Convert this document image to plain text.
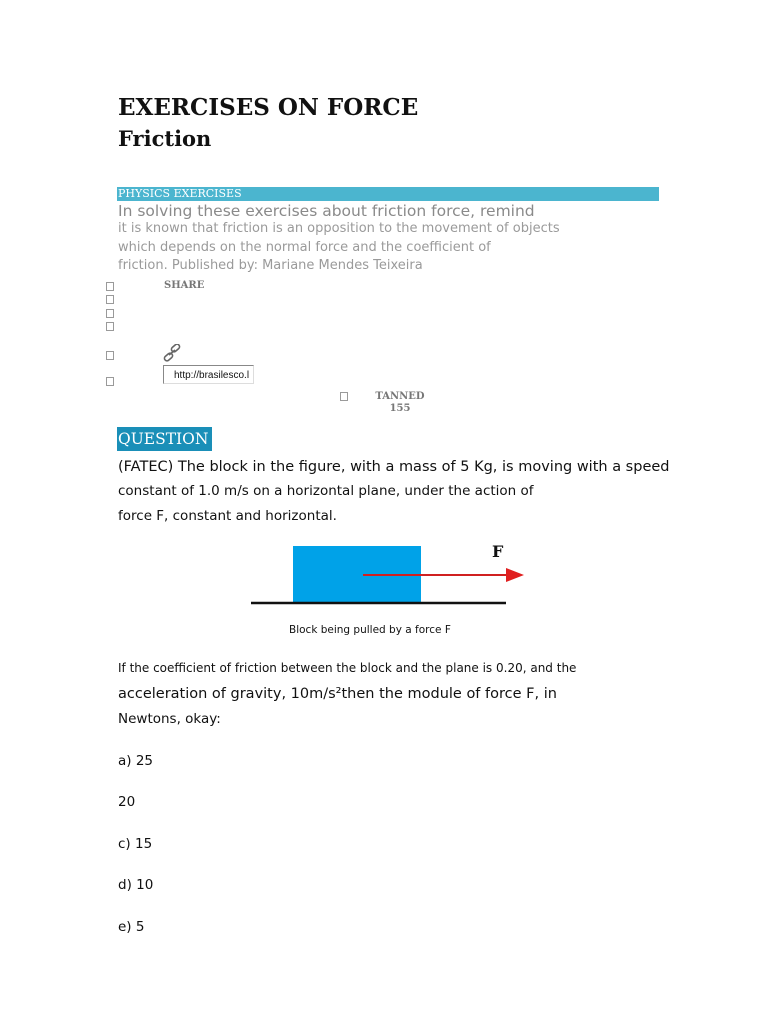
EXERCISES ON FORCE
Friction
PHYSICS EXERCISES
In solving these exercises about friction force, remind
it is known that friction is an opposition to the movement of objects
which depends on the normal force and the coefficient of
friction. Published by: Mariane Mendes Teixeira
SHARE
http://brasilesco.l
TANNED
155
QUESTION
(FATEC) The block in the figure, with a mass of 5 Kg, is moving with a speed
constant of 1.0 m/s on a horizontal plane, under the action of
force F, constant and horizontal.
F
Block being pulled by a force F
If the coefficient of friction between the block and the plane is 0.20, and the
acceleration of gravity, 10m/s²then the module of force F, in
Newtons, okay:
a) 25
20
c) 15
d) 10
e) 5
